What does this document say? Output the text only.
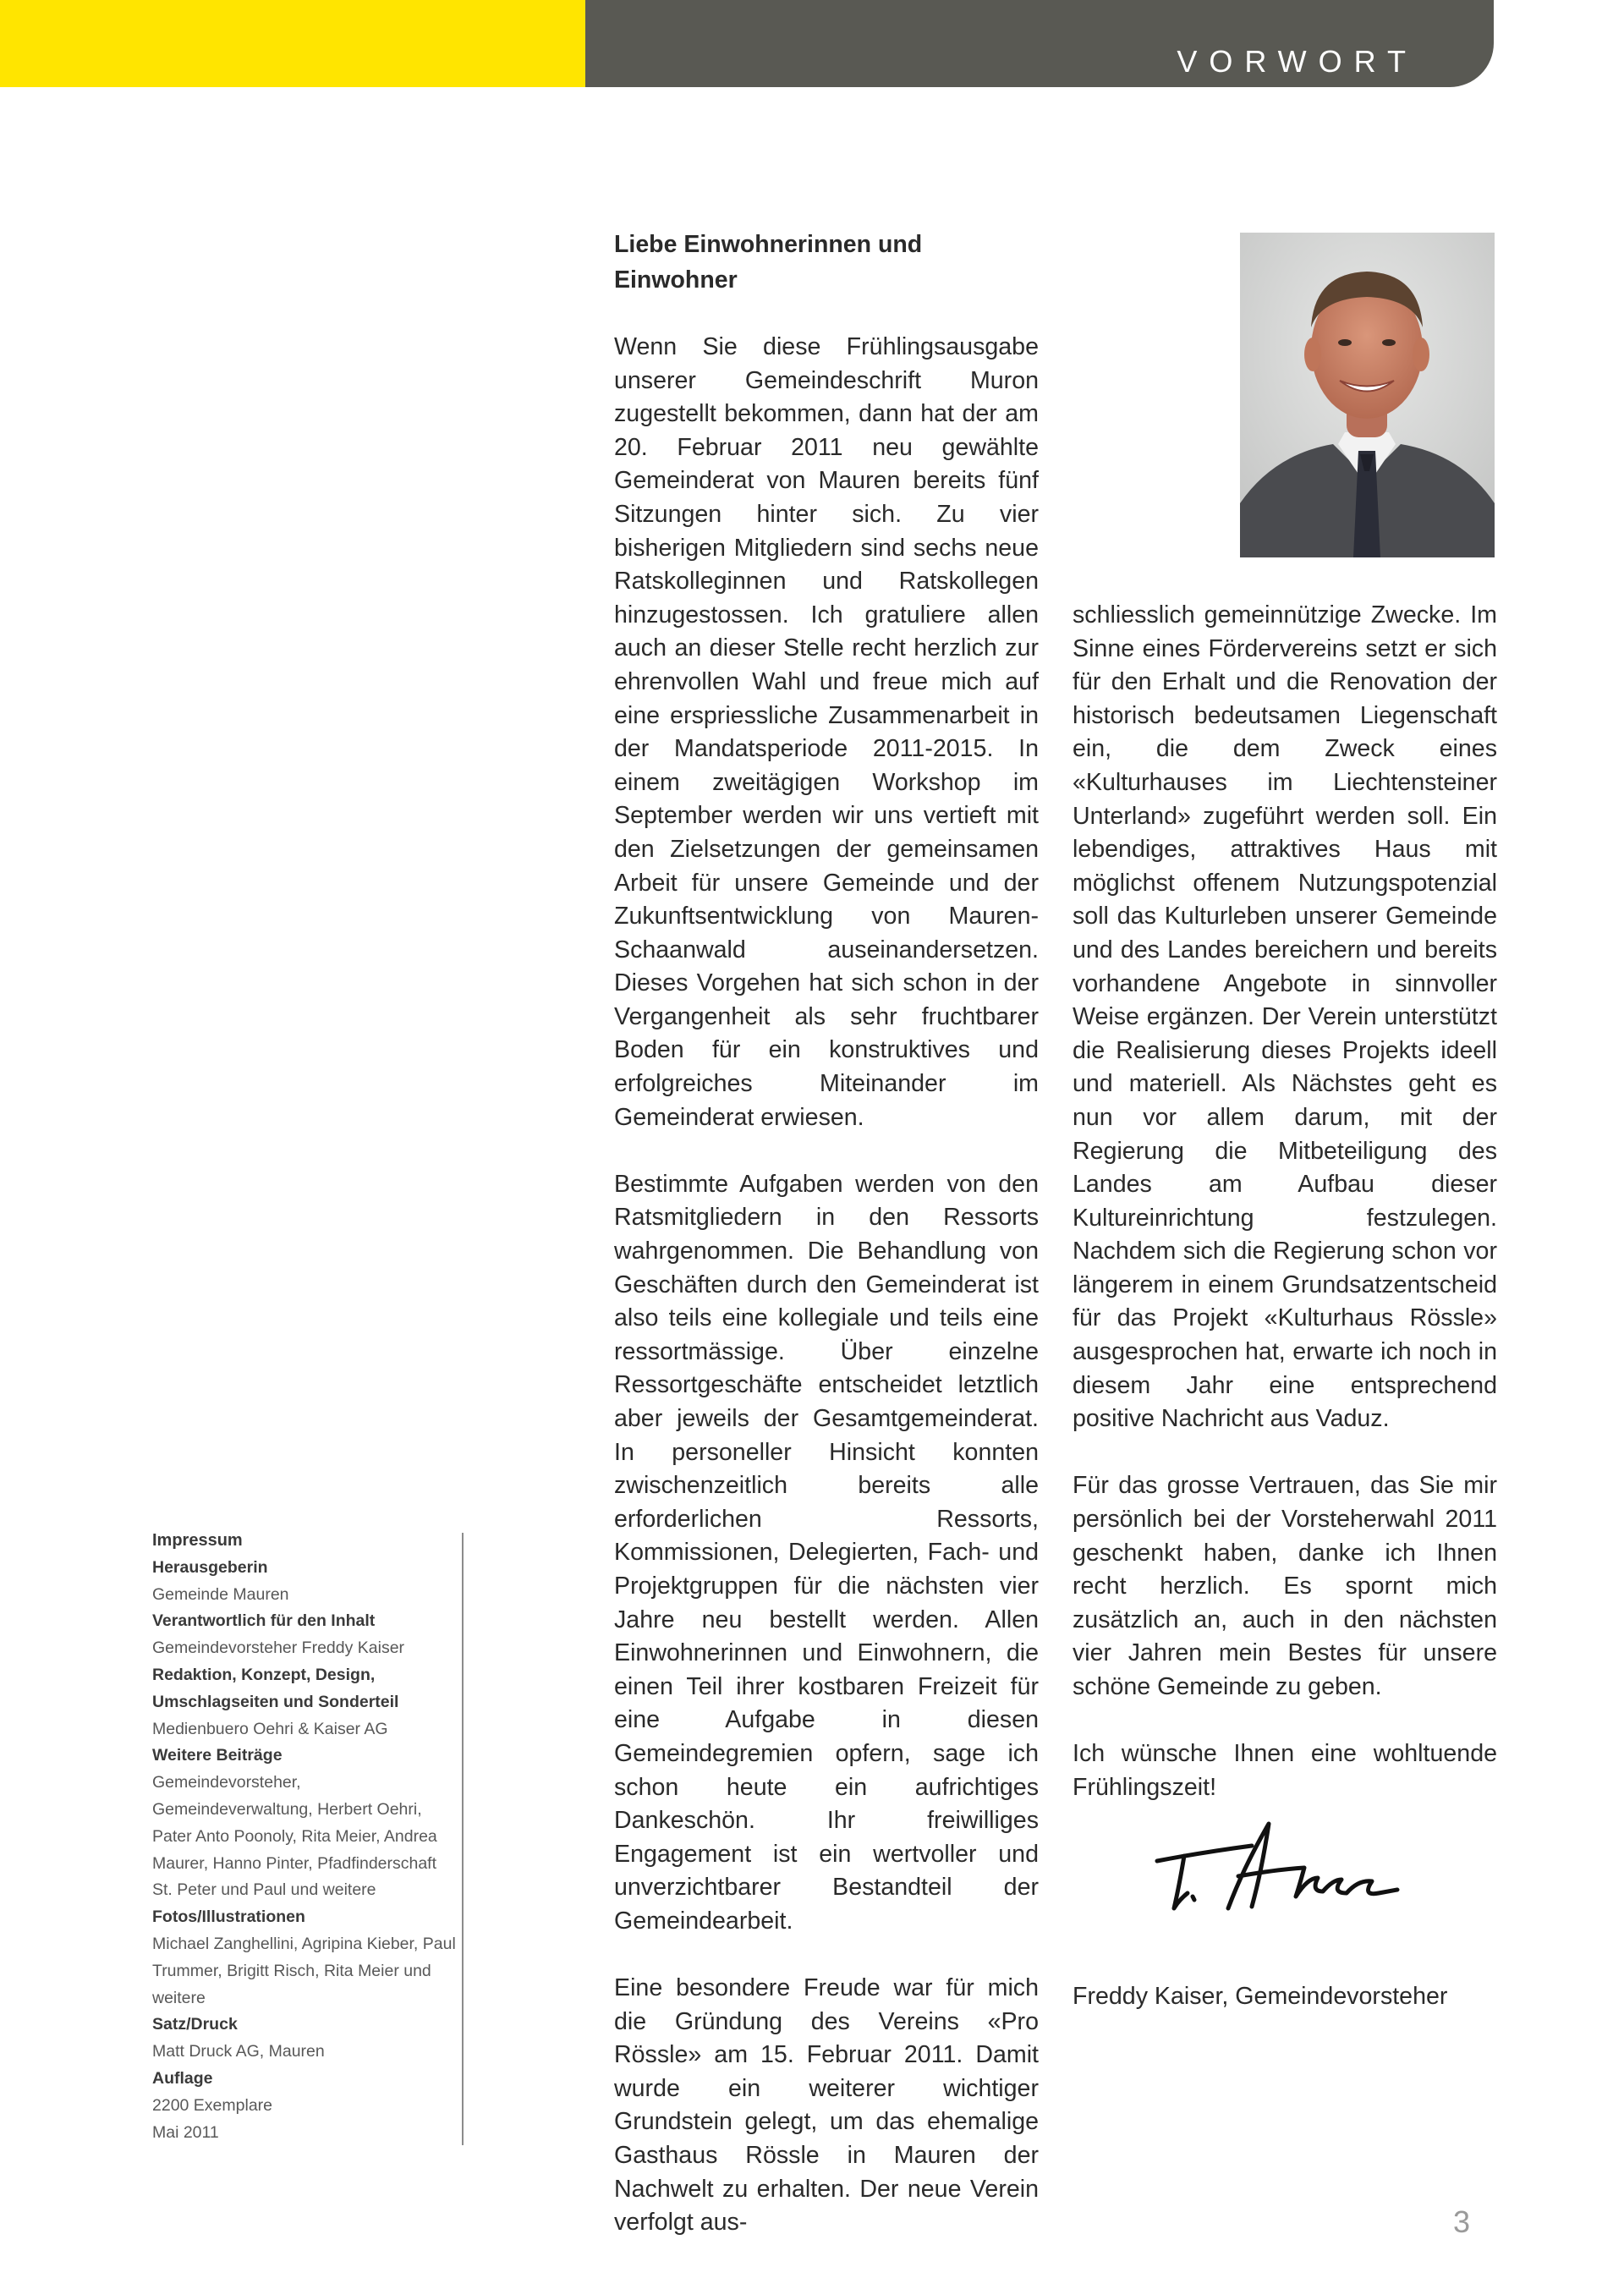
VORWORT
Impressum
Herausgeberin
Gemeinde Mauren
Verantwortlich für den Inhalt
Gemeindevorsteher Freddy Kaiser
Redaktion, Konzept, Design, Umschlagseiten und Sonderteil
Medienbuero Oehri & Kaiser AG
Weitere Beiträge
Gemeindevorsteher, Gemeindeverwaltung, Herbert Oehri, Pater Anto Poonoly, Rita Meier, Andrea Maurer, Hanno Pinter, Pfadfinderschaft St. Peter und Paul und weitere
Fotos/Illustrationen
Michael Zanghellini, Agripina Kieber, Paul Trummer, Brigitt Risch, Rita Meier und weitere
Satz/Druck
Matt Druck AG, Mauren
Auflage
2200 Exemplare
Mai 2011
Liebe Einwohnerinnen und Einwohner

Wenn Sie diese Frühlingsausgabe unserer Gemeindeschrift Muron zugestellt bekommen, dann hat der am 20. Februar 2011 neu gewählte Gemeinderat von Mauren bereits fünf Sitzungen hinter sich. Zu vier bisherigen Mitgliedern sind sechs neue Ratskolleginnen und Ratskollegen hinzugestossen. Ich gratuliere allen auch an dieser Stelle recht herzlich zur ehrenvollen Wahl und freue mich auf eine erspriessliche Zusammenarbeit in der Mandatsperiode 2011-2015. In einem zweitägigen Workshop im September werden wir uns vertieft mit den Zielsetzungen der gemeinsamen Arbeit für unsere Gemeinde und der Zukunftsentwicklung von Mauren-Schaanwald auseinandersetzen. Dieses Vorgehen hat sich schon in der Vergangenheit als sehr fruchtbarer Boden für ein konstruktives und erfolgreiches Miteinander im Gemeinderat erwiesen.

Bestimmte Aufgaben werden von den Ratsmitgliedern in den Ressorts wahrgenommen. Die Behandlung von Geschäften durch den Gemeinderat ist also teils eine kollegiale und teils eine ressortmässige. Über einzelne Ressortgeschäfte entscheidet letztlich aber jeweils der Gesamtgemeinderat. In personeller Hinsicht konnten zwischenzeitlich bereits alle erforderlichen Ressorts, Kommissionen, Delegierten, Fach- und Projektgruppen für die nächsten vier Jahre neu bestellt werden. Allen Einwohnerinnen und Einwohnern, die einen Teil ihrer kostbaren Freizeit für eine Aufgabe in diesen Gemeindegremien opfern, sage ich schon heute ein aufrichtiges Dankeschön. Ihr freiwilliges Engagement ist ein wertvoller und unverzichtbarer Bestandteil der Gemeindearbeit.

Eine besondere Freude war für mich die Gründung des Vereins «Pro Rössle» am 15. Februar 2011. Damit wurde ein weiterer wichtiger Grundstein gelegt, um das ehemalige Gasthaus Rössle in Mauren der Nachwelt zu erhalten. Der neue Verein verfolgt aus-

schliesslich gemeinnützige Zwecke. Im Sinne eines Fördervereins setzt er sich für den Erhalt und die Renovation der historisch bedeutsamen Liegenschaft ein, die dem Zweck eines «Kulturhauses im Liechtensteiner Unterland» zugeführt werden soll. Ein lebendiges, attraktives Haus mit möglichst offenem Nutzungspotenzial soll das Kulturleben unserer Gemeinde und des Landes bereichern und bereits vorhandene Angebote in sinnvoller Weise ergänzen. Der Verein unterstützt die Realisierung dieses Projekts ideell und materiell. Als Nächstes geht es nun vor allem darum, mit der Regierung die Mitbeteiligung des Landes am Aufbau dieser Kultureinrichtung festzulegen. Nachdem sich die Regierung schon vor längerem in einem Grundsatzentscheid für das Projekt «Kulturhaus Rössle» ausgesprochen hat, erwarte ich noch in diesem Jahr eine entsprechend positive Nachricht aus Vaduz.

Für das grosse Vertrauen, das Sie mir persönlich bei der Vorsteherwahl 2011 geschenkt haben, danke ich Ihnen recht herzlich. Es spornt mich zusätzlich an, auch in den nächsten vier Jahren mein Bestes für unsere schöne Gemeinde zu geben.

Ich wünsche Ihnen eine wohltuende Frühlingszeit!

Freddy Kaiser, Gemeindevorsteher
3
